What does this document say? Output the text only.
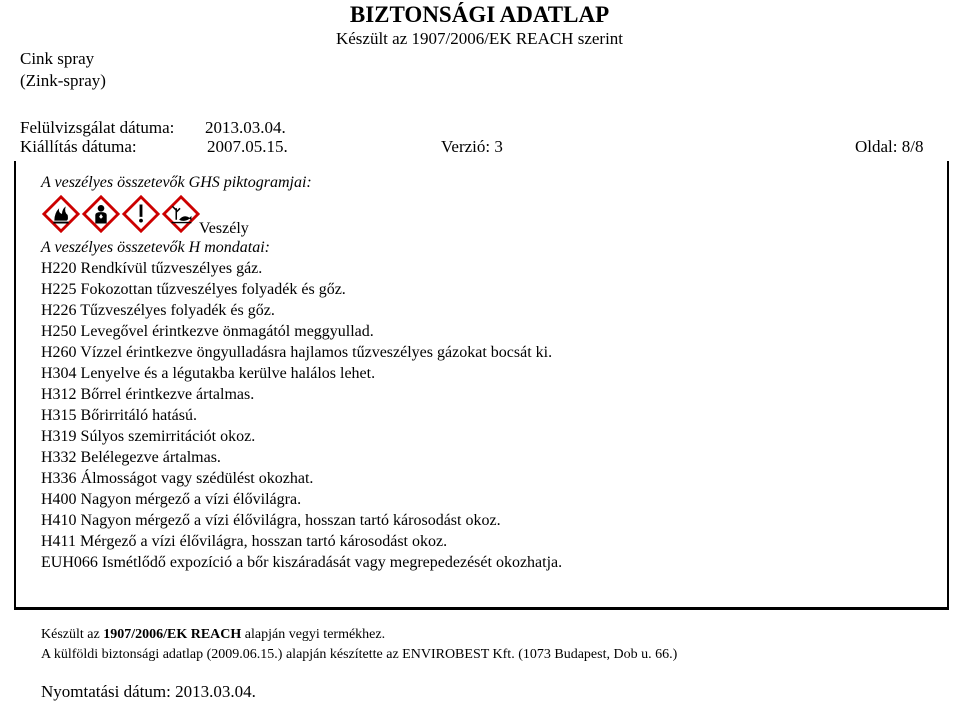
BIZTONSÁGI ADATLAP
Készült az 1907/2006/EK REACH szerint
Cink spray
(Zink-spray)
Felülvizsgálat dátuma: 2013.03.04.
Kiállítás dátuma:	2007.05.15.	Verzió: 3	Oldal: 8/8
A veszélyes összetevők GHS piktogramjai:
Veszély
A veszélyes összetevők H mondatai:
H220 Rendkívül tűzveszélyes gáz.
H225 Fokozottan tűzveszélyes folyadék és gőz.
H226 Tűzveszélyes folyadék és gőz.
H250 Levegővel érintkezve önmagától meggyullad.
H260 Vízzel érintkezve öngyulladásra hajlamos tűzveszélyes gázokat bocsát ki.
H304 Lenyelve és a légutakba kerülve halálos lehet.
H312 Bőrrel érintkezve ártalmas.
H315 Bőrirritáló hatású.
H319 Súlyos szemirritációt okoz.
H332 Belélegezve ártalmas.
H336 Álmosságot vagy szédülést okozhat.
H400 Nagyon mérgező a vízi élővilágra.
H410 Nagyon mérgező a vízi élővilágra, hosszan tartó károsodást okoz.
H411 Mérgező a vízi élővilágra, hosszan tartó károsodást okoz.
EUH066 Ismétlődő expozíció a bőr kiszáradását vagy megrepedezését okozhatja.
Készült az 1907/2006/EK REACH alapján vegyi termékhez.
A külföldi biztonsági adatlap (2009.06.15.) alapján készítette az ENVIROBEST Kft. (1073 Budapest, Dob u. 66.)
Nyomtatási dátum: 2013.03.04.
